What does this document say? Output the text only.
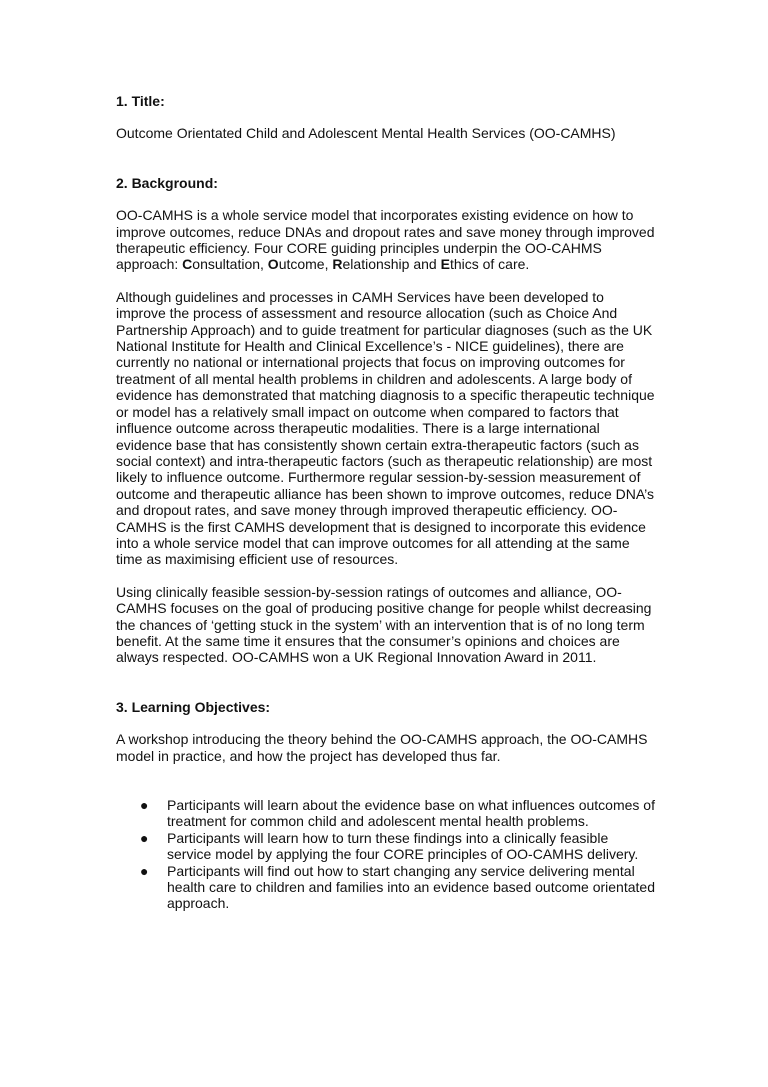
1. Title:

Outcome Orientated Child and Adolescent Mental Health Services (OO-CAMHS)

2. Background:

OO-CAMHS is a whole service model that incorporates existing evidence on how to improve outcomes, reduce DNAs and dropout rates and save money through improved therapeutic efficiency. Four CORE guiding principles underpin the OO-CAHMS approach: Consultation, Outcome, Relationship and Ethics of care.

Although guidelines and processes in CAMH Services have been developed to improve the process of assessment and resource allocation (such as Choice And Partnership Approach) and to guide treatment for particular diagnoses (such as the UK National Institute for Health and Clinical Excellence’s - NICE guidelines), there are currently no national or international projects that focus on improving outcomes for treatment of all mental health problems in children and adolescents. A large body of evidence has demonstrated that matching diagnosis to a specific therapeutic technique or model has a relatively small impact on outcome when compared to factors that influence outcome across therapeutic modalities. There is a large international evidence base that has consistently shown certain extra-therapeutic factors (such as social context) and intra-therapeutic factors (such as therapeutic relationship) are most likely to influence outcome. Furthermore regular session-by-session measurement of outcome and therapeutic alliance has been shown to improve outcomes, reduce DNA’s and dropout rates, and save money through improved therapeutic efficiency. OO-CAMHS is the first CAMHS development that is designed to incorporate this evidence into a whole service model that can improve outcomes for all attending at the same time as maximising efficient use of resources.

Using clinically feasible session-by-session ratings of outcomes and alliance, OO-CAMHS focuses on the goal of producing positive change for people whilst decreasing the chances of ‘getting stuck in the system’ with an intervention that is of no long term benefit. At the same time it ensures that the consumer’s opinions and choices are always respected. OO-CAMHS won a UK Regional Innovation Award in 2011.

3. Learning Objectives:

A workshop introducing the theory behind the OO-CAMHS approach, the OO-CAMHS model in practice, and how the project has developed thus far.

● Participants will learn about the evidence base on what influences outcomes of treatment for common child and adolescent mental health problems.
● Participants will learn how to turn these findings into a clinically feasible service model by applying the four CORE principles of OO-CAMHS delivery.
● Participants will find out how to start changing any service delivering mental health care to children and families into an evidence based outcome orientated approach.
